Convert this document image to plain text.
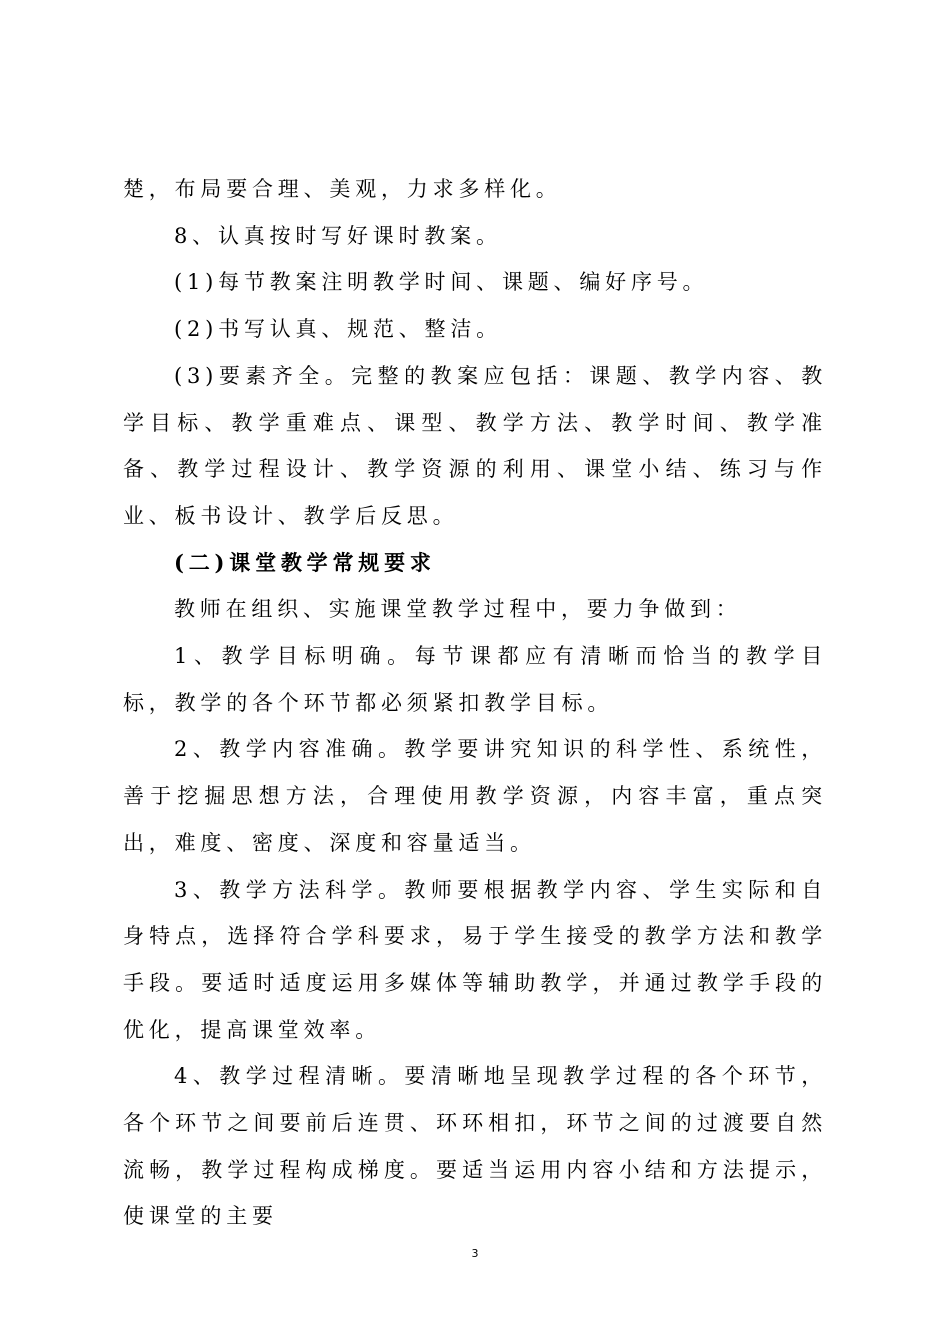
楚，布局要合理、美观，力求多样化。

8、认真按时写好课时教案。

(1)每节教案注明教学时间、课题、编好序号。

(2)书写认真、规范、整洁。

(3)要素齐全。完整的教案应包括：课题、教学内容、教学目标、教学重难点、课型、教学方法、教学时间、教学准备、教学过程设计、教学资源的利用、课堂小结、练习与作业、板书设计、教学后反思。

(二)课堂教学常规要求

教师在组织、实施课堂教学过程中，要力争做到：

1、教学目标明确。每节课都应有清晰而恰当的教学目标，教学的各个环节都必须紧扣教学目标。

2、教学内容准确。教学要讲究知识的科学性、系统性，善于挖掘思想方法，合理使用教学资源，内容丰富，重点突出，难度、密度、深度和容量适当。

3、教学方法科学。教师要根据教学内容、学生实际和自身特点，选择符合学科要求，易于学生接受的教学方法和教学手段。要适时适度运用多媒体等辅助教学，并通过教学手段的优化，提高课堂效率。

4、教学过程清晰。要清晰地呈现教学过程的各个环节，各个环节之间要前后连贯、环环相扣，环节之间的过渡要自然流畅，教学过程构成梯度。要适当运用内容小结和方法提示，使课堂的主要

3
